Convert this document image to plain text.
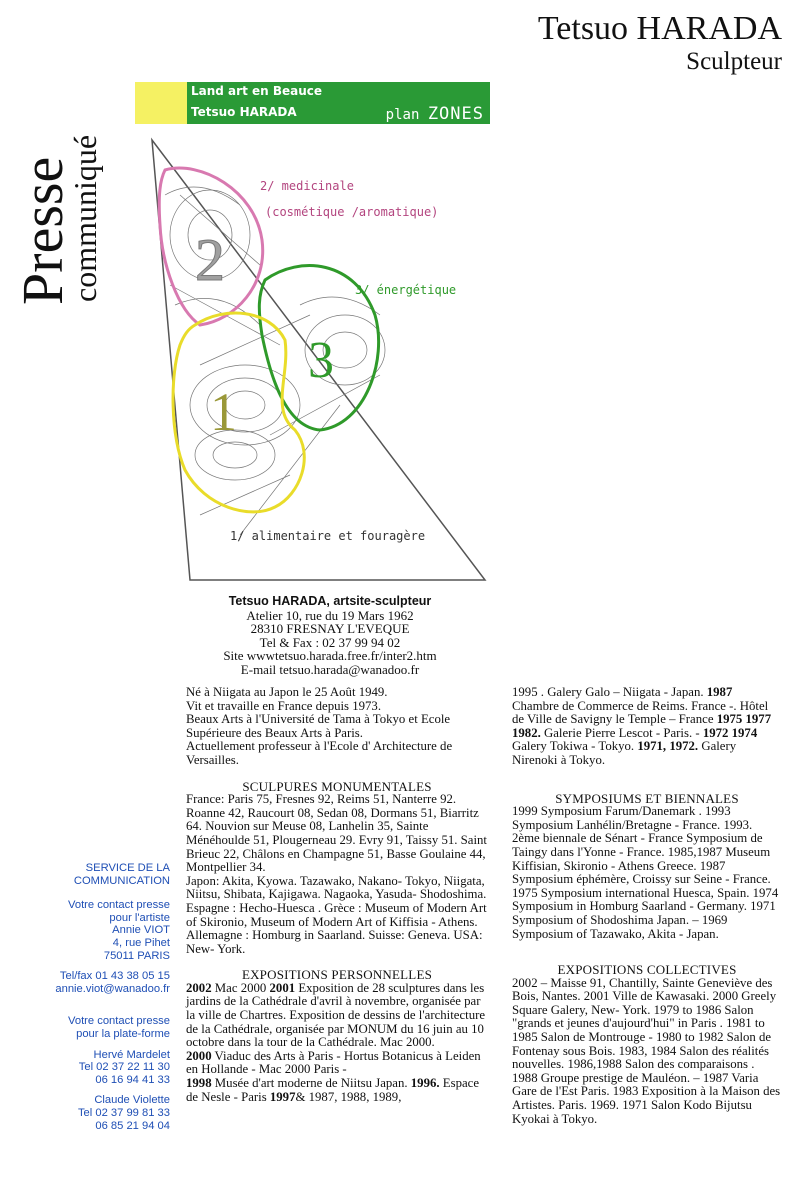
Tetsuo HARADA
Sculpteur
Presse
communiqué
Land art en Beauce
Tetsuo HARADA	plan ZONES
2
3
1
2/ medicinale
(cosmétique /aromatique)
3/ énergétique
1/ alimentaire et fouragère
Tetsuo HARADA, artsite-sculpteur
Atelier 10, rue du 19 Mars 1962
28310 FRESNAY L'EVEQUE
Tel & Fax : 02 37 99 94 02
Site wwwtetsuo.harada.free.fr/inter2.htm
E-mail tetsuo.harada@wanadoo.fr

Né à Niigata au Japon le 25 Août 1949.

Vit et travaille en France depuis 1973.

Beaux Arts à l'Université de Tama à Tokyo et Ecole Supérieure des Beaux Arts à Paris.

Actuellement professeur à l'Ecole d' Architecture de Versailles.

SCULPURES MONUMENTALES

France: Paris 75, Fresnes 92, Reims 51, Nanterre 92. Roanne 42, Raucourt 08, Sedan 08, Dormans 51, Biarritz 64. Nouvion sur Meuse 08, Lanhelin 35, Sainte Ménéhoulde 51, Plougerneau 29. Evry 91, Taissy 51. Saint Brieuc 22, Châlons en Champagne 51, Basse Goulaine 44, Montpellier 34.

Japon: Akita, Kyowa. Tazawako, Nakano- Tokyo, Niigata, Niitsu, Shibata, Kajigawa. Nagaoka, Yasuda- Shodoshima. Espagne : Hecho-Huesca . Grèce : Museum of Modern Art of Skironio, Museum of Modern Art of Kiffisia - Athens. Allemagne : Homburg in Saarland. Suisse: Geneva. USA: New- York.

EXPOSITIONS PERSONNELLES

2002 Mac 2000 2001 Exposition de 28 sculptures dans les jardins de la Cathédrale d'avril à novembre, organisée par la ville de Chartres. Exposition de dessins de l'architecture de la Cathédrale, organisée par MONUM du 16 juin au 10 octobre dans la tour de la Cathédrale. Mac 2000.
2000 Viaduc des Arts à Paris - Hortus Botanicus à Leiden en Hollande - Mac 2000 Paris -
1998 Musée d'art moderne de Niitsu Japan. 1996. Espace de Nesle - Paris 1997& 1987, 1988, 1989,

1995 . Galery Galo – Niigata - Japan. 1987 Chambre de Commerce de Reims. France -. Hôtel de Ville de Savigny le Temple – France 1975 1977 1982. Galerie Pierre Lescot - Paris. - 1972 1974 Galery Tokiwa - Tokyo. 1971, 1972. Galery Nirenoki à Tokyo.

SYMPOSIUMS ET BIENNALES

1999 Symposium Farum/Danemark . 1993 Symposium Lanhélin/Bretagne - France. 1993. 2ème biennale de Sénart - France Symposium de Taingy dans l'Yonne - France. 1985,1987 Museum Kiffisian, Skironio - Athens Greece. 1987 Symposium éphémère, Croissy sur Seine - France. 1975 Symposium international Huesca, Spain. 1974 Symposium in Homburg Saarland - Germany. 1971 Symposium of Shodoshima Japan. – 1969 Symposium of Tazawako, Akita - Japan.

EXPOSITIONS COLLECTIVES

2002 – Maisse 91, Chantilly, Sainte Geneviève des Bois, Nantes. 2001 Ville de Kawasaki. 2000 Greely Square Galery, New- York. 1979 to 1986 Salon "grands et jeunes d'aujourd'hui" in Paris . 1981 to 1985 Salon de Montrouge - 1980 to 1982 Salon de Fontenay sous Bois. 1983, 1984 Salon des réalités nouvelles. 1986,1988 Salon des comparaisons . 1988 Groupe prestige de Mauléon. – 1987 Varia Gare de l'Est Paris. 1983 Exposition à la Maison des Artistes. Paris. 1969. 1971 Salon Kodo Bijutsu Kyokai à Tokyo.

SERVICE DE LA

COMMUNICATION

Votre contact presse

pour l'artiste

Annie VIOT

4, rue Pihet

75011 PARIS

Tel/fax 01 43 38 05 15

annie.viot@wanadoo.fr

Votre contact presse

pour la plate-forme

Hervé Mardelet

Tel 02 37 22 11 30

06 16 94 41 33

Claude Violette

Tel 02 37 99 81 33

06 85 21 94 04
